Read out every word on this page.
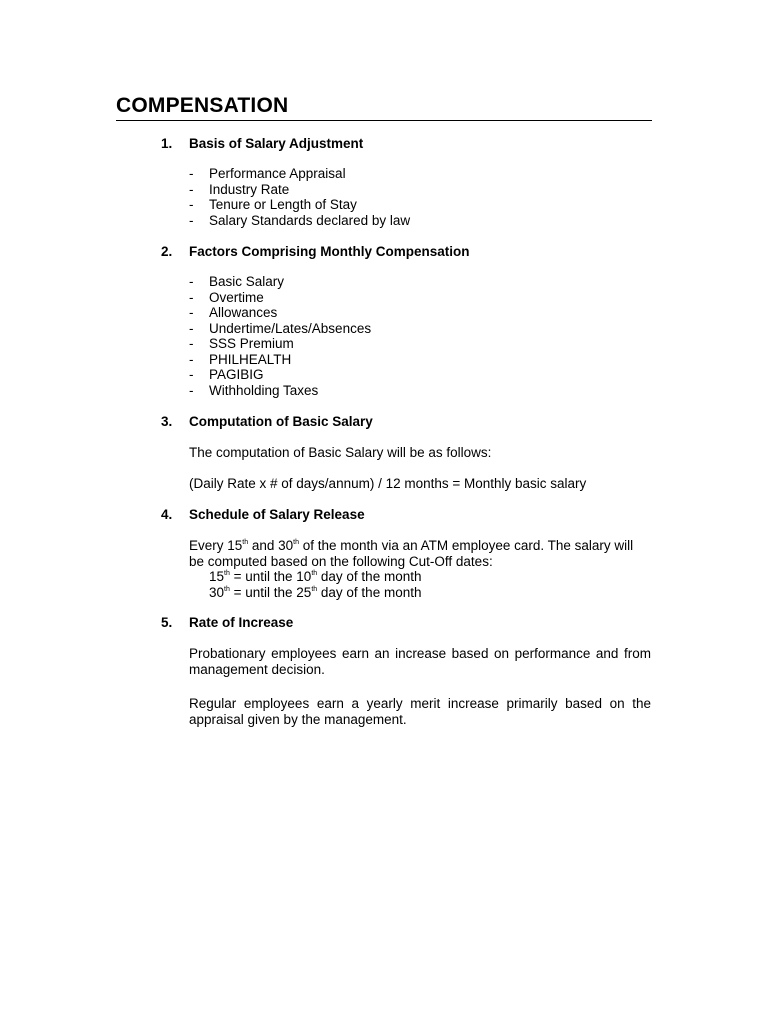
COMPENSATION
1. Basis of Salary Adjustment
- Performance Appraisal
- Industry Rate
- Tenure or Length of Stay
- Salary Standards declared by law
2. Factors Comprising Monthly Compensation
- Basic Salary
- Overtime
- Allowances
- Undertime/Lates/Absences
- SSS Premium
- PHILHEALTH
- PAGIBIG
- Withholding Taxes
3. Computation of Basic Salary

The computation of Basic Salary will be as follows:

(Daily Rate x # of days/annum) / 12 months = Monthly basic salary

4. Schedule of Salary Release

Every 15th and 30th of the month via an ATM employee card. The salary will be computed based on the following Cut-Off dates:

15th = until the 10th day of the month
30th = until the 25th day of the month
5. Rate of Increase

Probationary employees earn an increase based on performance and from management decision.

Regular employees earn a yearly merit increase primarily based on the appraisal given by the management.
